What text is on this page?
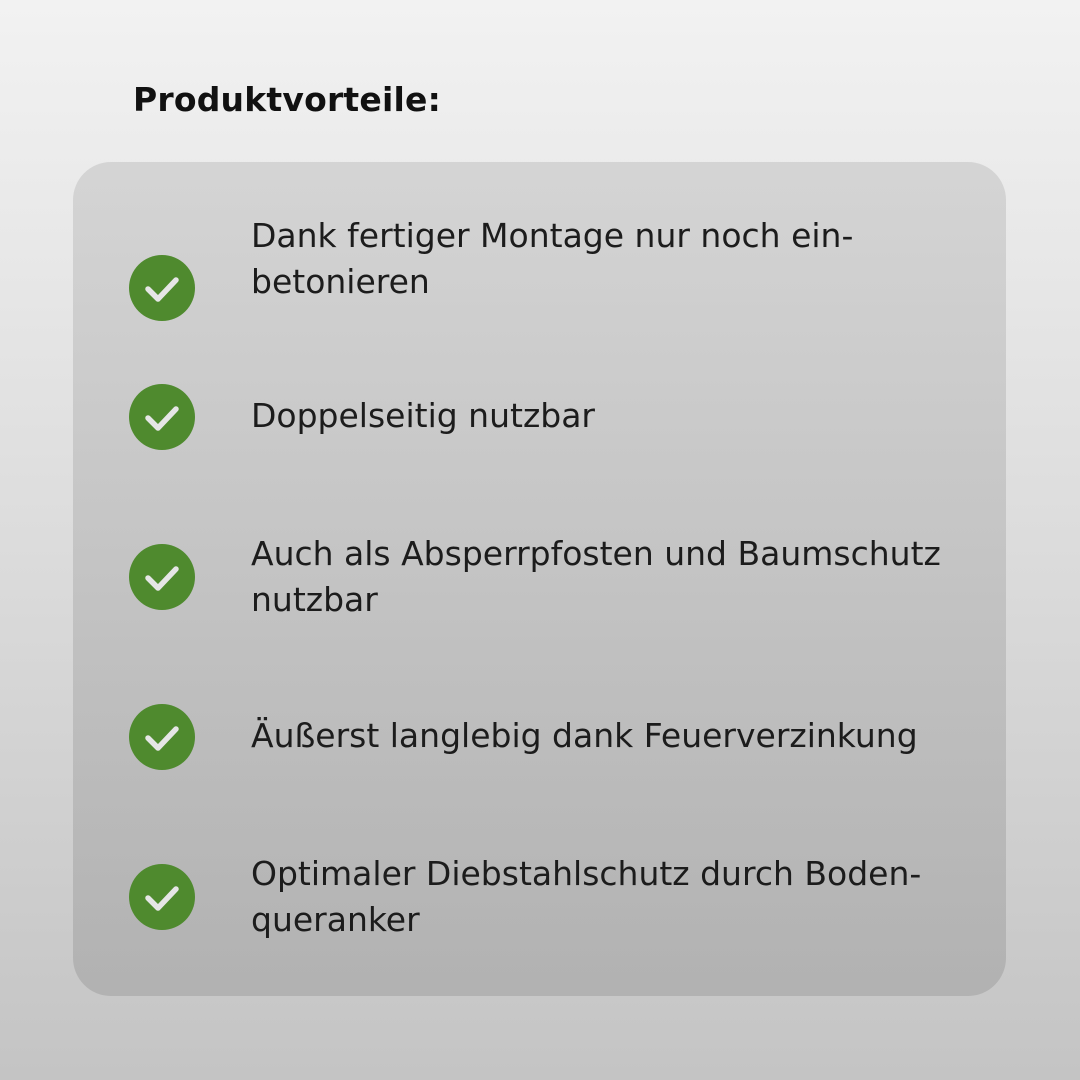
Produktvorteile:

Dank fertiger Montage nur noch ein-
betonieren

Doppelseitig nutzbar

Auch als Absperrpfosten und Baumschutz
nutzbar

Äußerst langlebig dank Feuerverzinkung

Optimaler Diebstahlschutz durch Boden-
queranker
